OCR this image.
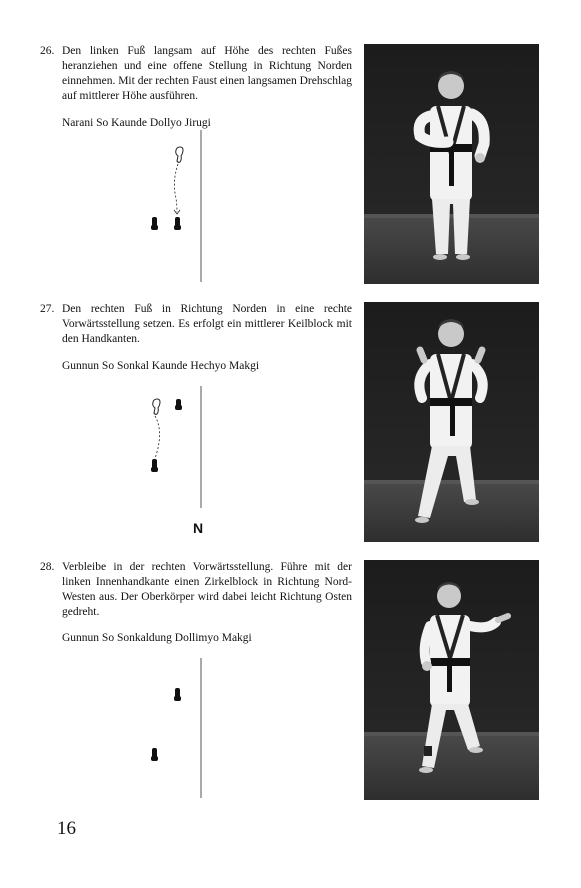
26. Den linken Fuß langsam auf Höhe des rechten Fußes heranziehen und eine offene Stellung in Richtung Norden einnehmen. Mit der rechten Faust einen langsamen Drehschlag auf mittlerer Höhe ausführen.

Narani So Kaunde Dollyo Jirugi
27. Den rechten Fuß in Richtung Norden in eine rechte Vorwärtsstellung setzen. Es erfolgt ein mittlerer Keilblock mit den Handkanten.

Gunnun So Sonkal Kaunde Hechyo Makgi
N
28. Verbleibe in der rechten Vorwärtsstellung. Führe mit der linken Innenhandkante einen Zirkelblock in Richtung Nord-Westen aus. Der Oberkörper wird dabei leicht Richtung Osten gedreht.

Gunnun So Sonkaldung Dollimyo Makgi
16
